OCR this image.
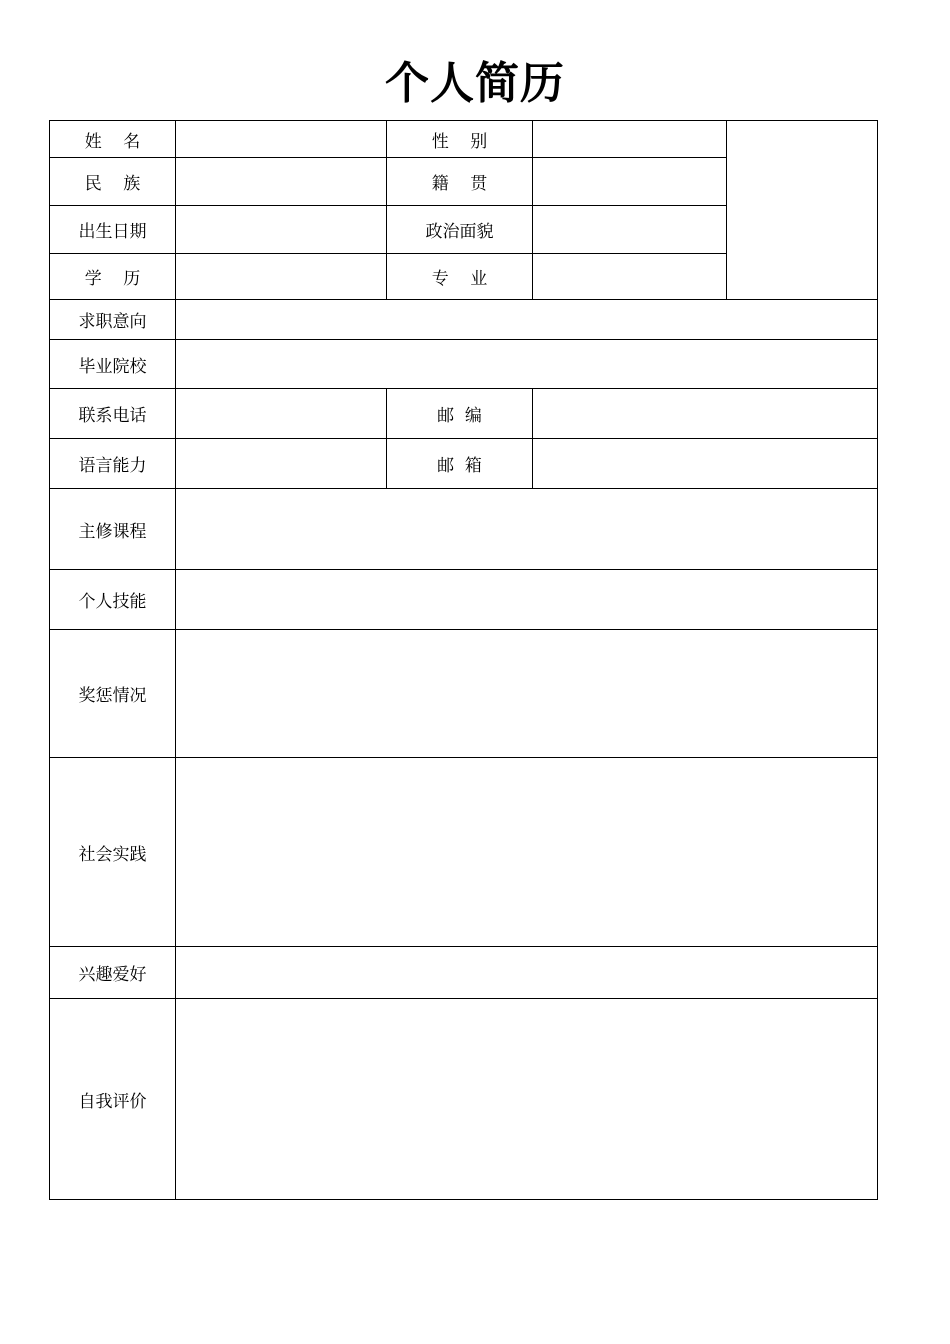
个人简历
姓    名		性    别		
民    族		籍    贯		
出生日期		政治面貌		
学    历		专    业		
求职意向				
毕业院校				
联系电话		邮  编		
语言能力		邮  箱		
主修课程				
个人技能				
奖惩情况				
社会实践				
兴趣爱好				
自我评价				
